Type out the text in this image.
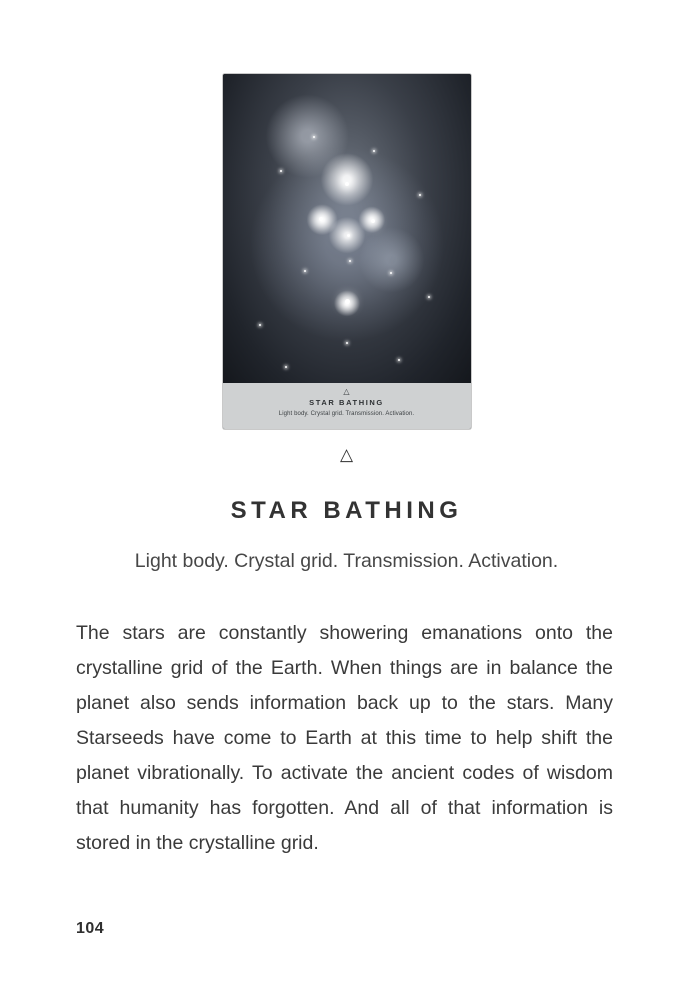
△
STAR BATHING
Light body. Crystal grid. Transmission. Activation.
△
STAR BATHING

Light body. Crystal grid. Transmission. Activation.

The stars are constantly showering emanations onto the crystalline grid of the Earth. When things are in balance the planet also sends information back up to the stars. Many Starseeds have come to Earth at this time to help shift the planet vibrationally. To activate the ancient codes of wisdom that humanity has forgotten. And all of that information is stored in the crystalline grid.

104
